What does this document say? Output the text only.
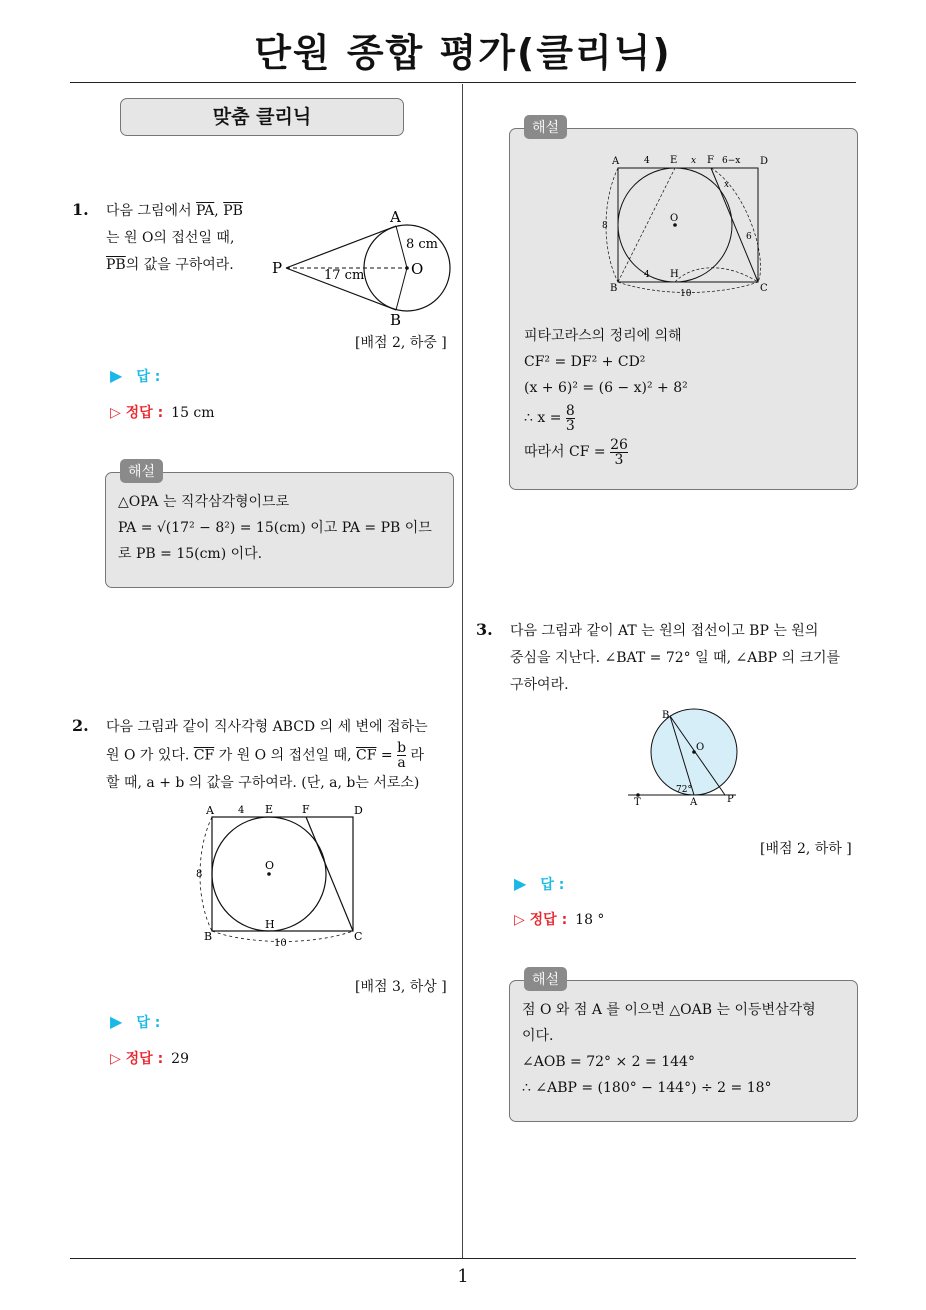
단원 종합 평가(클리닉)
1
맞춤 클리닉
1. 다음 그림에서 $\overline{PA}$, $\overline{PB}$
는 원 O의 접선일 때,
$\overline{PB}$의 값을 구하여라.
A
B
P	O
8 cm
17 cm
[배점 2, 하중 ]
▶ 답 :
▷ 정답 : 15 cm
해설
△OPA 는 직각삼각형이므로
PA = √(17² − 8²) = 15(cm) 이고 PA = PB 이므
로 PB = 15(cm) 이다.
2. 다음 그림과 같이 직사각형 ABCD 의 세 변에 접하는
원 O 가 있다. $\overline{CF}$ 가 원 O 의 접선일 때, $\overline{CF} = \frac{b}{a}$ 라
할 때, a + b 의 값을 구하여라. (단, a, b는 서로소)
A	E	F	D
B
H
C
O
4
8
10
[배점 3, 하상 ]
▶ 답 :
▷ 정답 : 29
해설
A	E	F	D
B
H
C
O
4	x	6−x
x
6
4
8
10
피타고라스의 정리에 의해
CF² = DF² + CD²
(x + 6)² = (6 − x)² + 8²
∴ $x = \frac{8}{3}$
따라서 CF = $\frac{26}{3}$
3. 다음 그림과 같이 AT 는 원의 접선이고 BP 는 원의
중심을 지난다. ∠BAT = 72° 일 때, ∠ABP 의 크기를
구하여라.
B
O
T	A	P
72°
[배점 2, 하하 ]
▶ 답 :
▷ 정답 : 18 °
해설
점 O 와 점 A 를 이으면 △OAB 는 이등변삼각형
이다.
∠AOB = 72° × 2 = 144°
∴ ∠ABP = (180° − 144°) ÷ 2 = 18°
